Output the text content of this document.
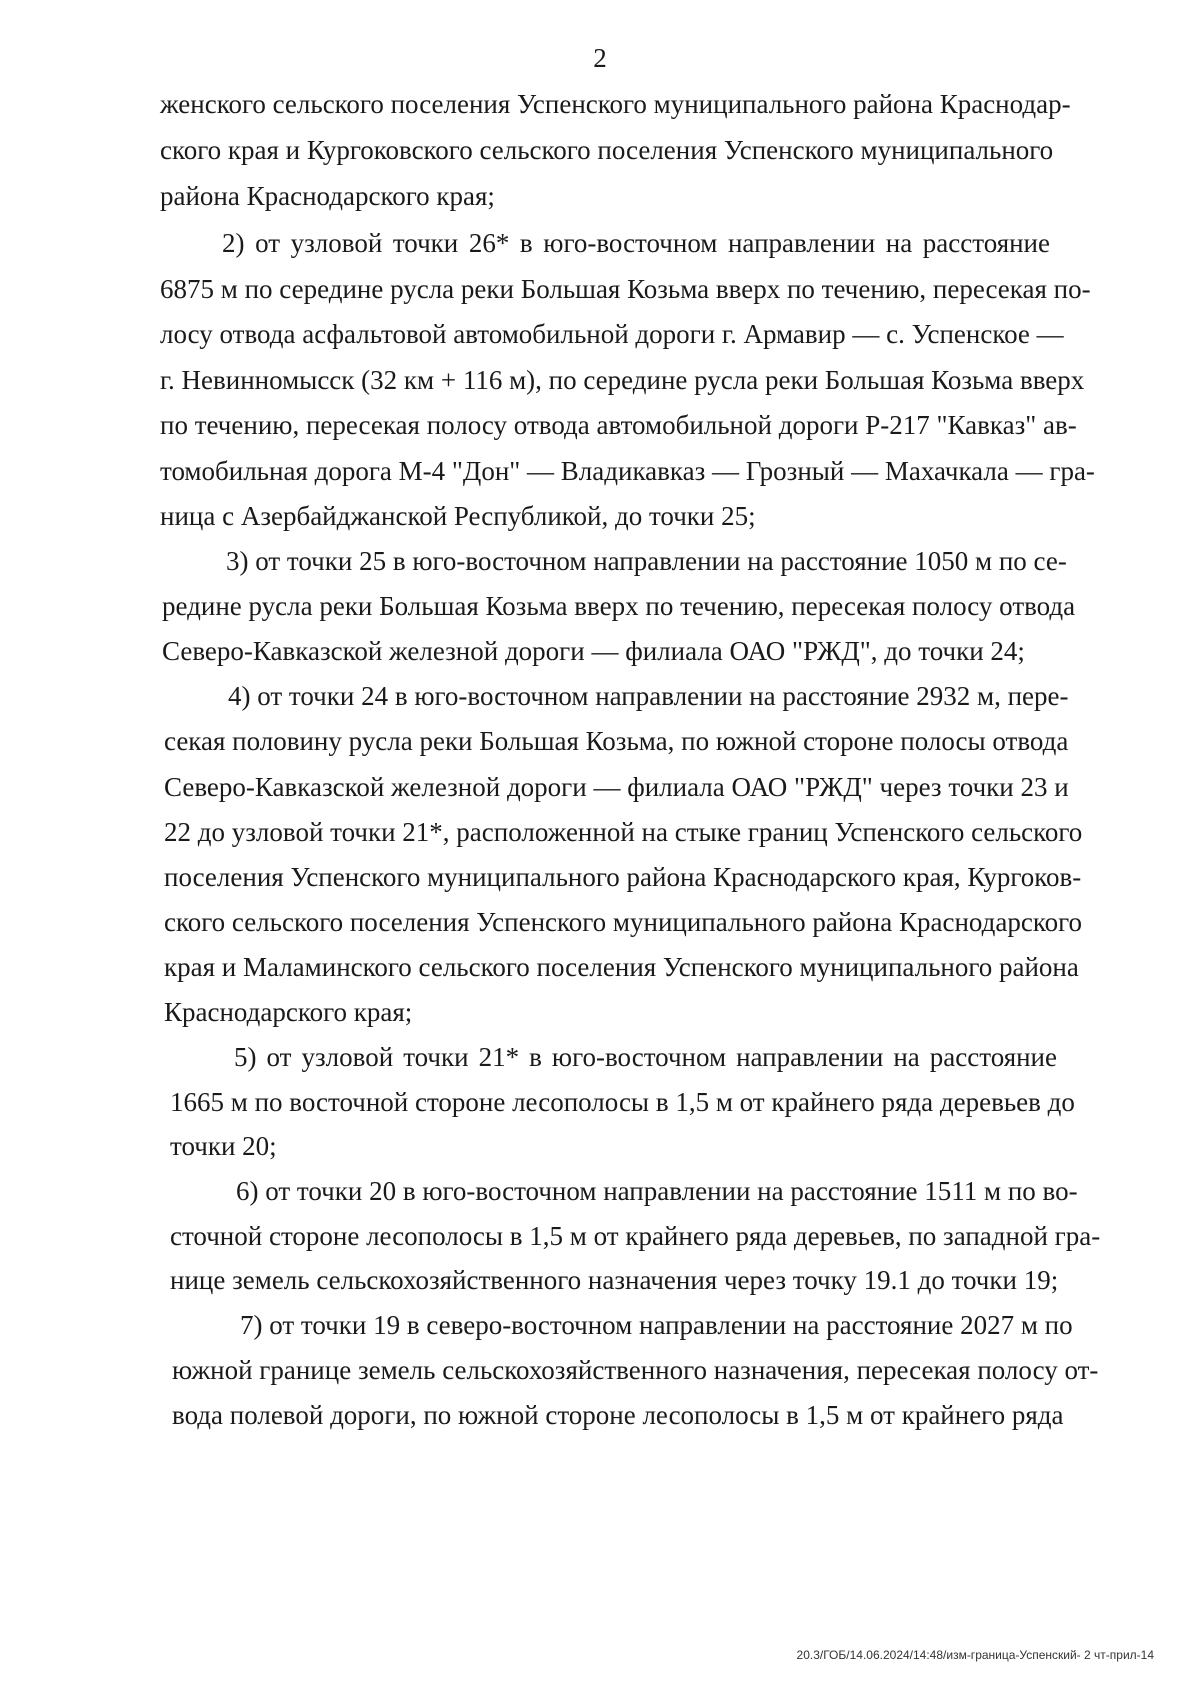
2
женского сельского поселения Успенского муниципального района Краснодар-
ского края и Кургоковского сельского поселения Успенского муниципального
района Краснодарского края;
2) от узловой точки 26* в юго-восточном направлении на расстояние
6875 м по середине русла реки Большая Козьма вверх по течению, пересекая по-
лосу отвода асфальтовой автомобильной дороги г. Армавир — с. Успенское —
г. Невинномысск (32 км + 116 м), по середине русла реки Большая Козьма вверх
по течению, пересекая полосу отвода автомобильной дороги Р-217 "Кавказ" ав-
томобильная дорога М-4 "Дон" — Владикавказ — Грозный — Махачкала — гра-
ница с Азербайджанской Республикой, до точки 25;
3) от точки 25 в юго-восточном направлении на расстояние 1050 м по се-
редине русла реки Большая Козьма вверх по течению, пересекая полосу отвода
Северо-Кавказской железной дороги — филиала ОАО "РЖД", до точки 24;
4) от точки 24 в юго-восточном направлении на расстояние 2932 м, пере-
секая половину русла реки Большая Козьма, по южной стороне полосы отвода
Северо-Кавказской железной дороги — филиала ОАО "РЖД" через точки 23 и
22 до узловой точки 21*, расположенной на стыке границ Успенского сельского
поселения Успенского муниципального района Краснодарского края, Кургоков-
ского сельского поселения Успенского муниципального района Краснодарского
края и Маламинского сельского поселения Успенского муниципального района
Краснодарского края;
5) от узловой точки 21* в юго-восточном направлении на расстояние
1665 м по восточной стороне лесополосы в 1,5 м от крайнего ряда деревьев до
точки 20;
6) от точки 20 в юго-восточном направлении на расстояние 1511 м по во-
сточной стороне лесополосы в 1,5 м от крайнего ряда деревьев, по западной гра-
нице земель сельскохозяйственного назначения через точку 19.1 до точки 19;
7) от точки 19 в северо-восточном направлении на расстояние 2027 м по
южной границе земель сельскохозяйственного назначения, пересекая полосу от-
вода полевой дороги, по южной стороне лесополосы в 1,5 м от крайнего ряда
20.3/ГОБ/14.06.2024/14:48/изм-граница-Успенский- 2 чт-прил-14
